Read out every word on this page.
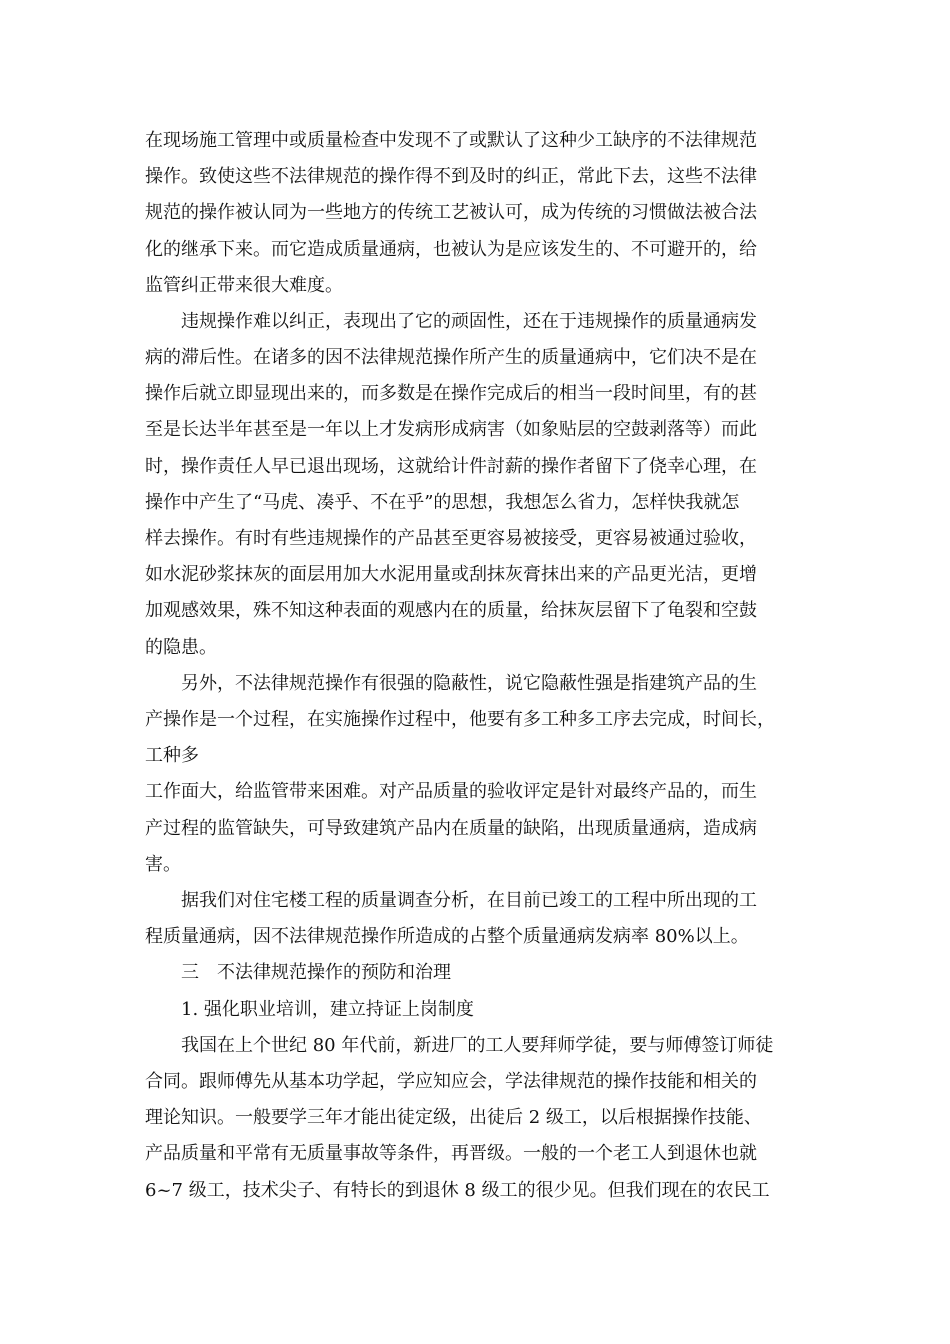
在现场施工管理中或质量检查中发现不了或默认了这种少工缺序的不法律规范
操作。致使这些不法律规范的操作得不到及时的纠正，常此下去，这些不法律
规范的操作被认同为一些地方的传统工艺被认可，成为传统的习惯做法被合法
化的继承下来。而它造成质量通病，也被认为是应该发生的、不可避开的，给
监管纠正带来很大难度。
违规操作难以纠正，表现出了它的顽固性，还在于违规操作的质量通病发
病的滞后性。在诸多的因不法律规范操作所产生的质量通病中，它们决不是在
操作后就立即显现出来的，而多数是在操作完成后的相当一段时间里，有的甚
至是长达半年甚至是一年以上才发病形成病害（如象贴层的空鼓剥落等）而此
时，操作责任人早已退出现场，这就给计件討薪的操作者留下了侥幸心理，在
操作中产生了“马虎、凑乎、不在乎”的思想，我想怎么省力，怎样快我就怎
样去操作。有时有些违规操作的产品甚至更容易被接受，更容易被通过验收，
如水泥砂浆抹灰的面层用加大水泥用量或刮抹灰膏抹出来的产品更光洁，更增
加观感效果，殊不知这种表面的观感内在的质量，给抹灰层留下了龟裂和空鼓
的隐患。
另外，不法律规范操作有很强的隐蔽性，说它隐蔽性强是指建筑产品的生
产操作是一个过程，在实施操作过程中，他要有多工种多工序去完成，时间长，
工种多
工作面大，给监管带来困难。对产品质量的验收评定是针对最终产品的，而生
产过程的监管缺失，可导致建筑产品内在质量的缺陷，出现质量通病，造成病
害。
据我们对住宅楼工程的质量调查分析，在目前已竣工的工程中所出现的工
程质量通病，因不法律规范操作所造成的占整个质量通病发病率 80%以上。
三　不法律规范操作的预防和治理
1. 强化职业培训，建立持证上岗制度
我国在上个世纪 80 年代前，新进厂的工人要拜师学徒，要与师傅签订师徒
合同。跟师傅先从基本功学起，学应知应会，学法律规范的操作技能和相关的
理论知识。一般要学三年才能出徒定级，出徒后 2 级工，以后根据操作技能、
产品质量和平常有无质量事故等条件，再晋级。一般的一个老工人到退休也就
6~7 级工，技术尖子、有特长的到退休 8 级工的很少见。但我们现在的农民工
